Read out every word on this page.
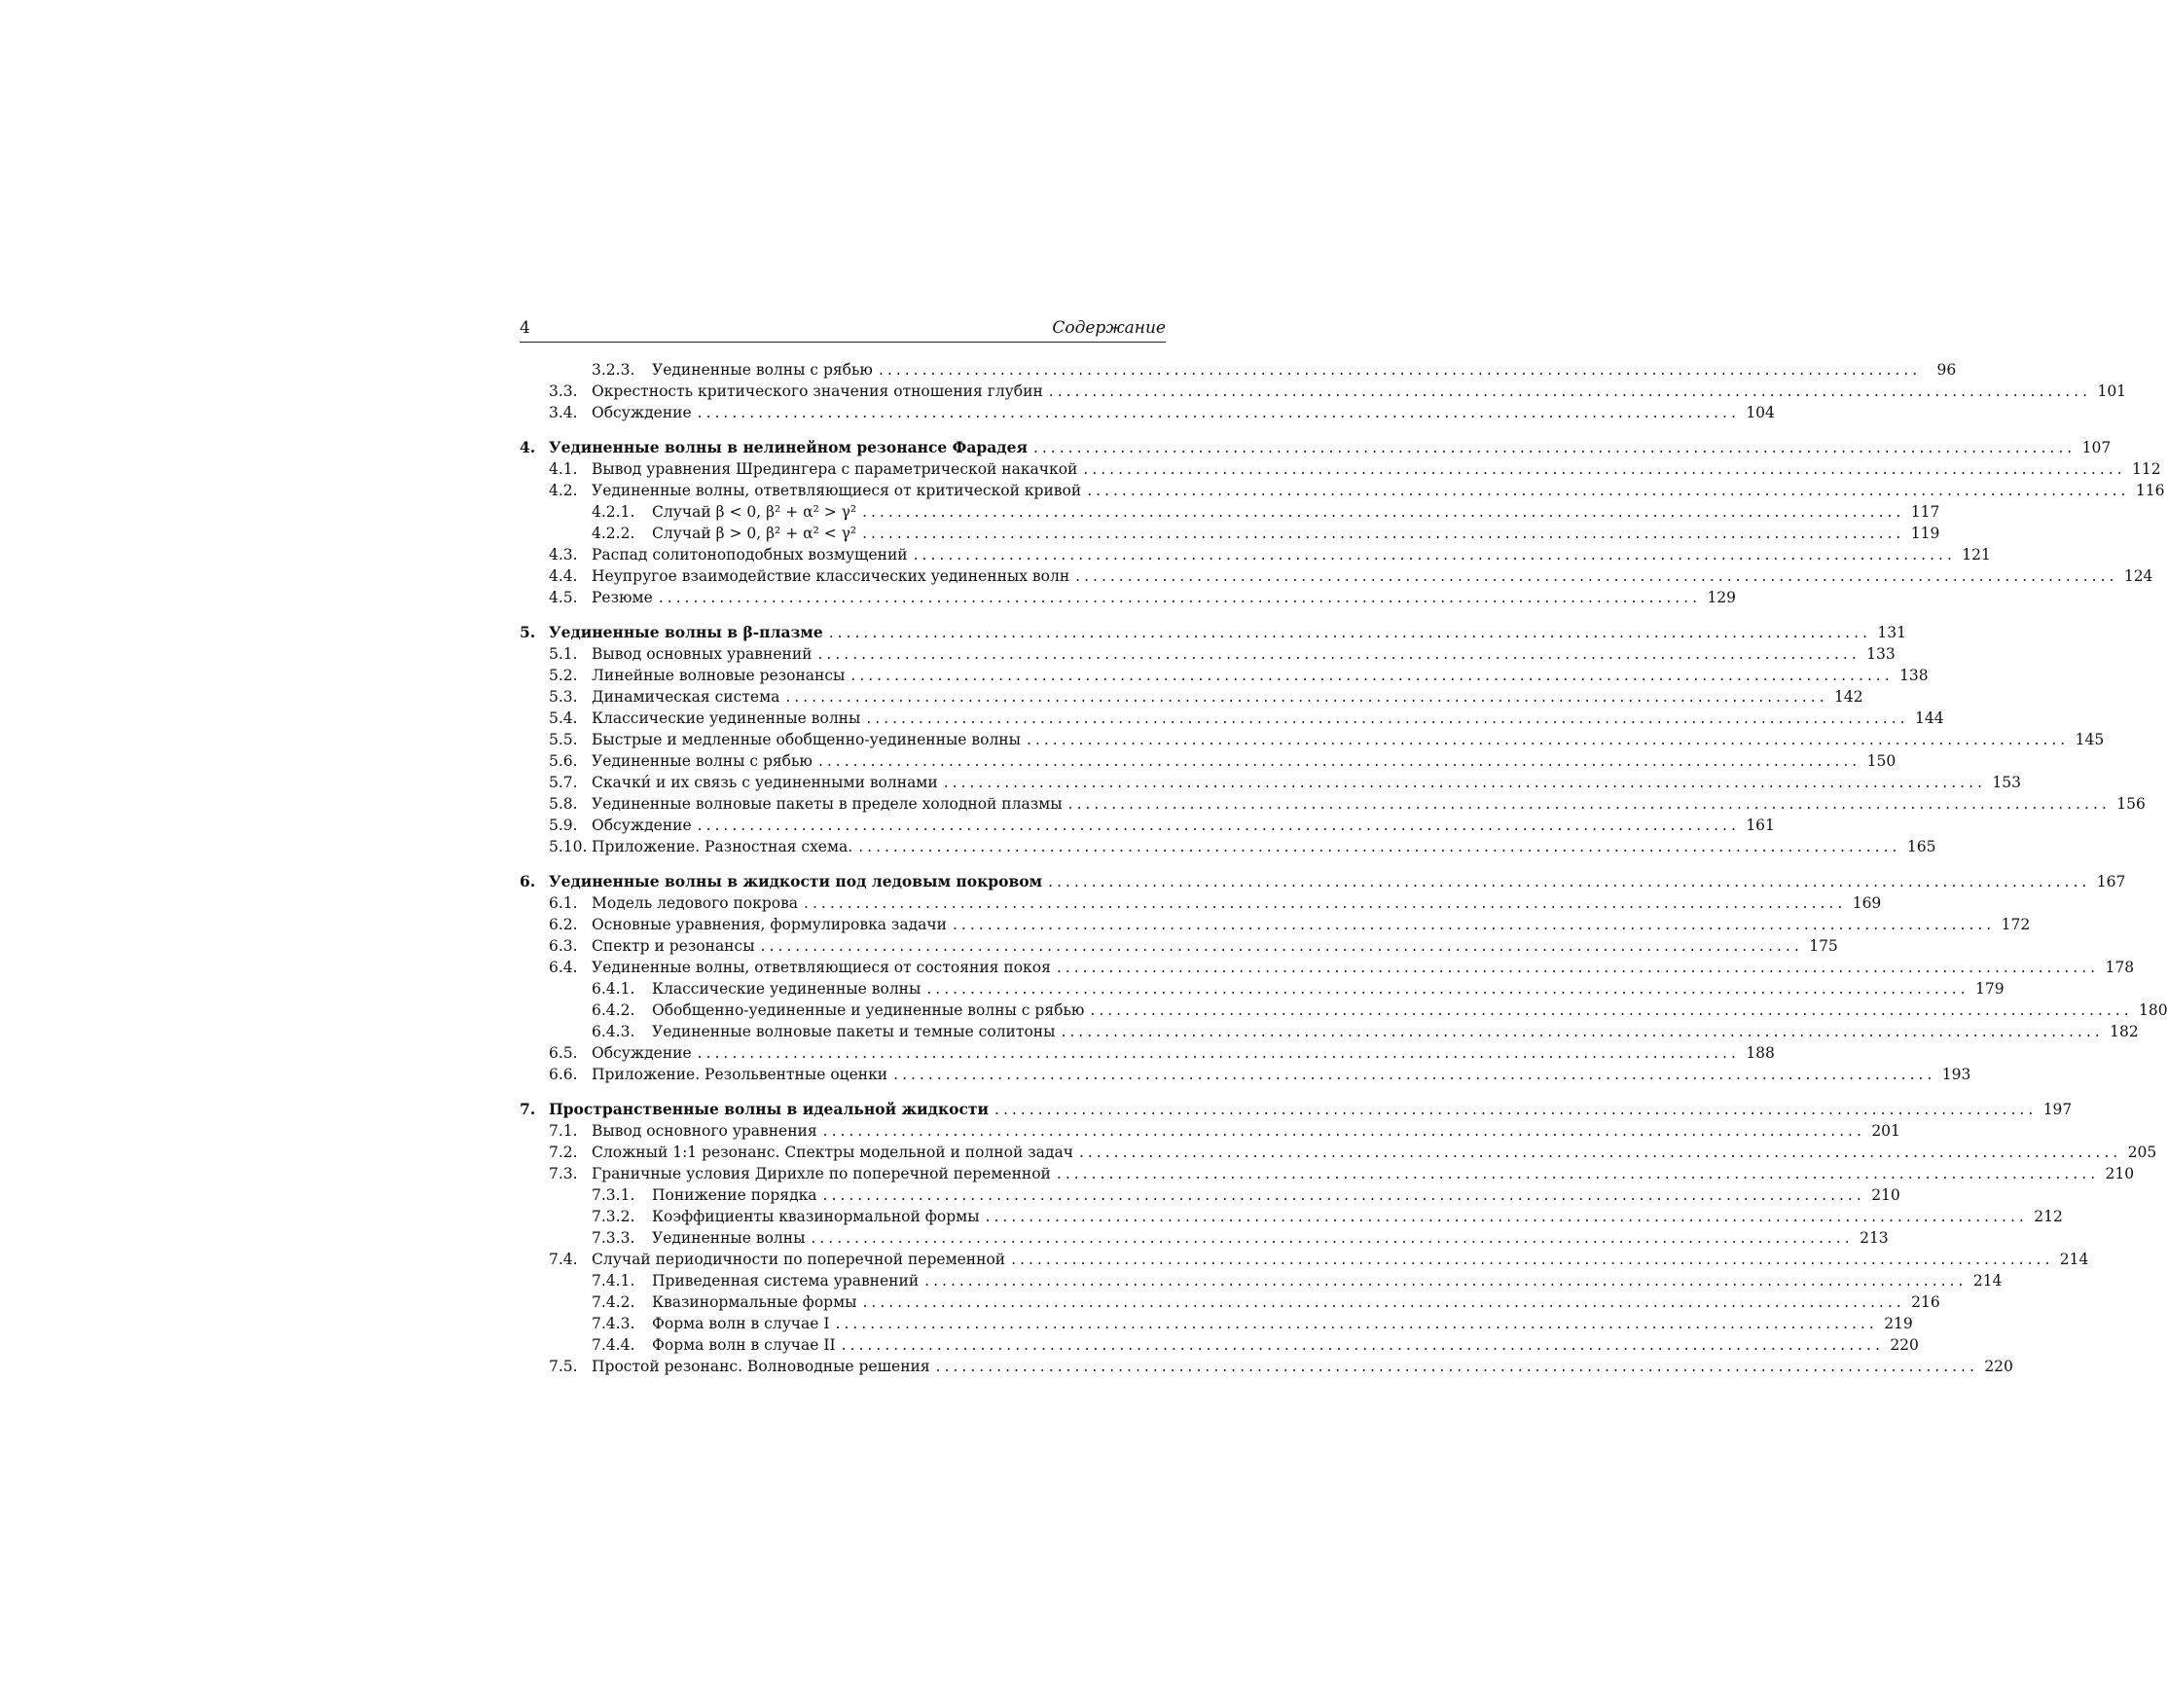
4	Содержание
3.2.3.	Уединенные волны с рябью ........................................................................................................................	96
3.3. Окрестность критического значения отношения глубин ........................................................................................................................ 101
3.4. Обсуждение ........................................................................................................................ 104
4. Уединенные волны в нелинейном резонансе Фарадея ........................................................................................................................ 107
4.1. Вывод уравнения Шредингера с параметрической накачкой ........................................................................................................................ 112
4.2. Уединенные волны, ответвляющиеся от критической кривой ........................................................................................................................ 116
4.2.1.	Случай β < 0, β² + α² > γ² ........................................................................................................................ 117
4.2.2.	Случай β > 0, β² + α² < γ² ........................................................................................................................ 119
4.3. Распад солитоноподобных возмущений ........................................................................................................................ 121
4.4. Неупругое взаимодействие классических уединенных волн ........................................................................................................................ 124
4.5. Резюме ........................................................................................................................ 129
5. Уединенные волны в β-плазме ........................................................................................................................ 131
5.1. Вывод основных уравнений ........................................................................................................................ 133
5.2. Линейные волновые резонансы ........................................................................................................................ 138
5.3. Динамическая система ........................................................................................................................ 142
5.4. Классические уединенные волны ........................................................................................................................ 144
5.5. Быстрые и медленные обобщенно-уединенные волны ........................................................................................................................ 145
5.6. Уединенные волны с рябью ........................................................................................................................ 150
5.7. Скачки́ и их связь с уединенными волнами ........................................................................................................................ 153
5.8. Уединенные волновые пакеты в пределе холодной плазмы ........................................................................................................................ 156
5.9. Обсуждение ........................................................................................................................ 161
5.10. Приложение. Разностная схема. ........................................................................................................................ 165
6. Уединенные волны в жидкости под ледовым покровом ........................................................................................................................ 167
6.1. Модель ледового покрова ........................................................................................................................ 169
6.2. Основные уравнения, формулировка задачи ........................................................................................................................ 172
6.3. Спектр и резонансы ........................................................................................................................ 175
6.4. Уединенные волны, ответвляющиеся от состояния покоя ........................................................................................................................ 178
6.4.1.	Классические уединенные волны ........................................................................................................................ 179
6.4.2.	Обобщенно-уединенные и уединенные волны с рябью ........................................................................................................................ 180
6.4.3.	Уединенные волновые пакеты и темные солитоны ........................................................................................................................ 182
6.5. Обсуждение ........................................................................................................................ 188
6.6. Приложение. Резольвентные оценки ........................................................................................................................ 193
7. Пространственные волны в идеальной жидкости ........................................................................................................................ 197
7.1. Вывод основного уравнения ........................................................................................................................ 201
7.2. Сложный 1:1 резонанс. Спектры модельной и полной задач ........................................................................................................................ 205
7.3. Граничные условия Дирихле по поперечной переменной ........................................................................................................................ 210
7.3.1.	Понижение порядка ........................................................................................................................ 210
7.3.2.	Коэффициенты квазинормальной формы ........................................................................................................................ 212
7.3.3.	Уединенные волны ........................................................................................................................ 213
7.4. Случай периодичности по поперечной переменной ........................................................................................................................ 214
7.4.1.	Приведенная система уравнений ........................................................................................................................ 214
7.4.2.	Квазинормальные формы ........................................................................................................................ 216
7.4.3.	Форма волн в случае I ........................................................................................................................ 219
7.4.4.	Форма волн в случае II ........................................................................................................................ 220
7.5. Простой резонанс. Волноводные решения ........................................................................................................................ 220
